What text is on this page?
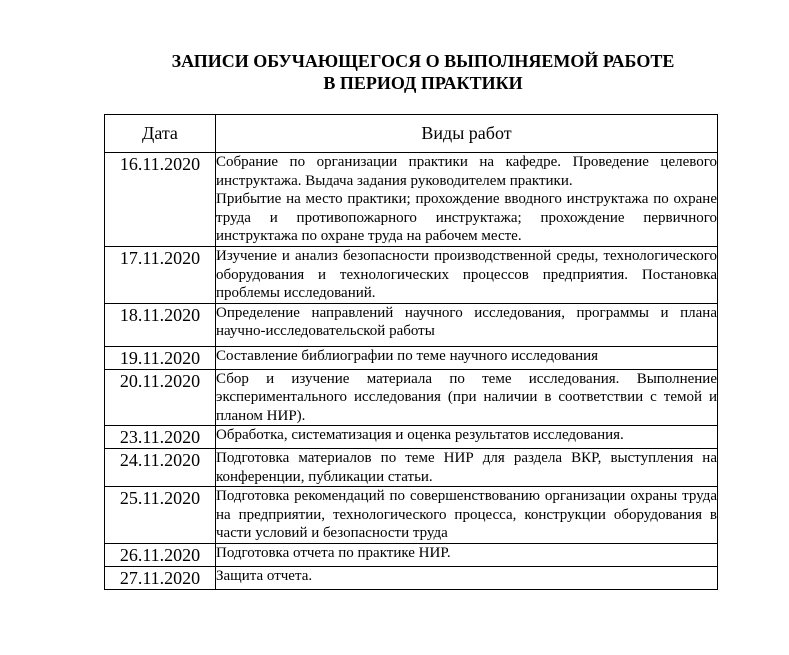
ЗАПИСИ ОБУЧАЮЩЕГОСЯ О ВЫПОЛНЯЕМОЙ РАБОТЕ
В ПЕРИОД ПРАКТИКИ
Дата	Виды работ
16.11.2020	Собрание по организации практики на кафедре. Проведение целевого инструктажа. Выдача задания руководителем практики.

Прибытие на место практики; прохождение вводного инструктажа по охране труда и противопожарного инструктажа; прохождение первичного инструктажа по охране труда на рабочем месте.

17.11.2020	Изучение и анализ безопасности производственной среды, технологического оборудования и технологических процессов предприятия. Постановка проблемы исследований.

18.11.2020	Определение направлений научного исследования, программы и плана научно-исследовательской работы

19.11.2020	Составление библиографии по теме научного исследования

20.11.2020	Сбор и изучение материала по теме исследования. Выполнение экспериментального исследования (при наличии в соответствии с темой и планом НИР).

23.11.2020	Обработка, систематизация и оценка результатов исследования.

24.11.2020	Подготовка материалов по теме НИР для раздела ВКР, выступления на конференции, публикации статьи.

25.11.2020	Подготовка рекомендаций по совершенствованию организации охраны труда на предприятии, технологического процесса, конструкции оборудования в части условий и безопасности труда

26.11.2020	Подготовка отчета по практике НИР.

27.11.2020	Защита отчета.
